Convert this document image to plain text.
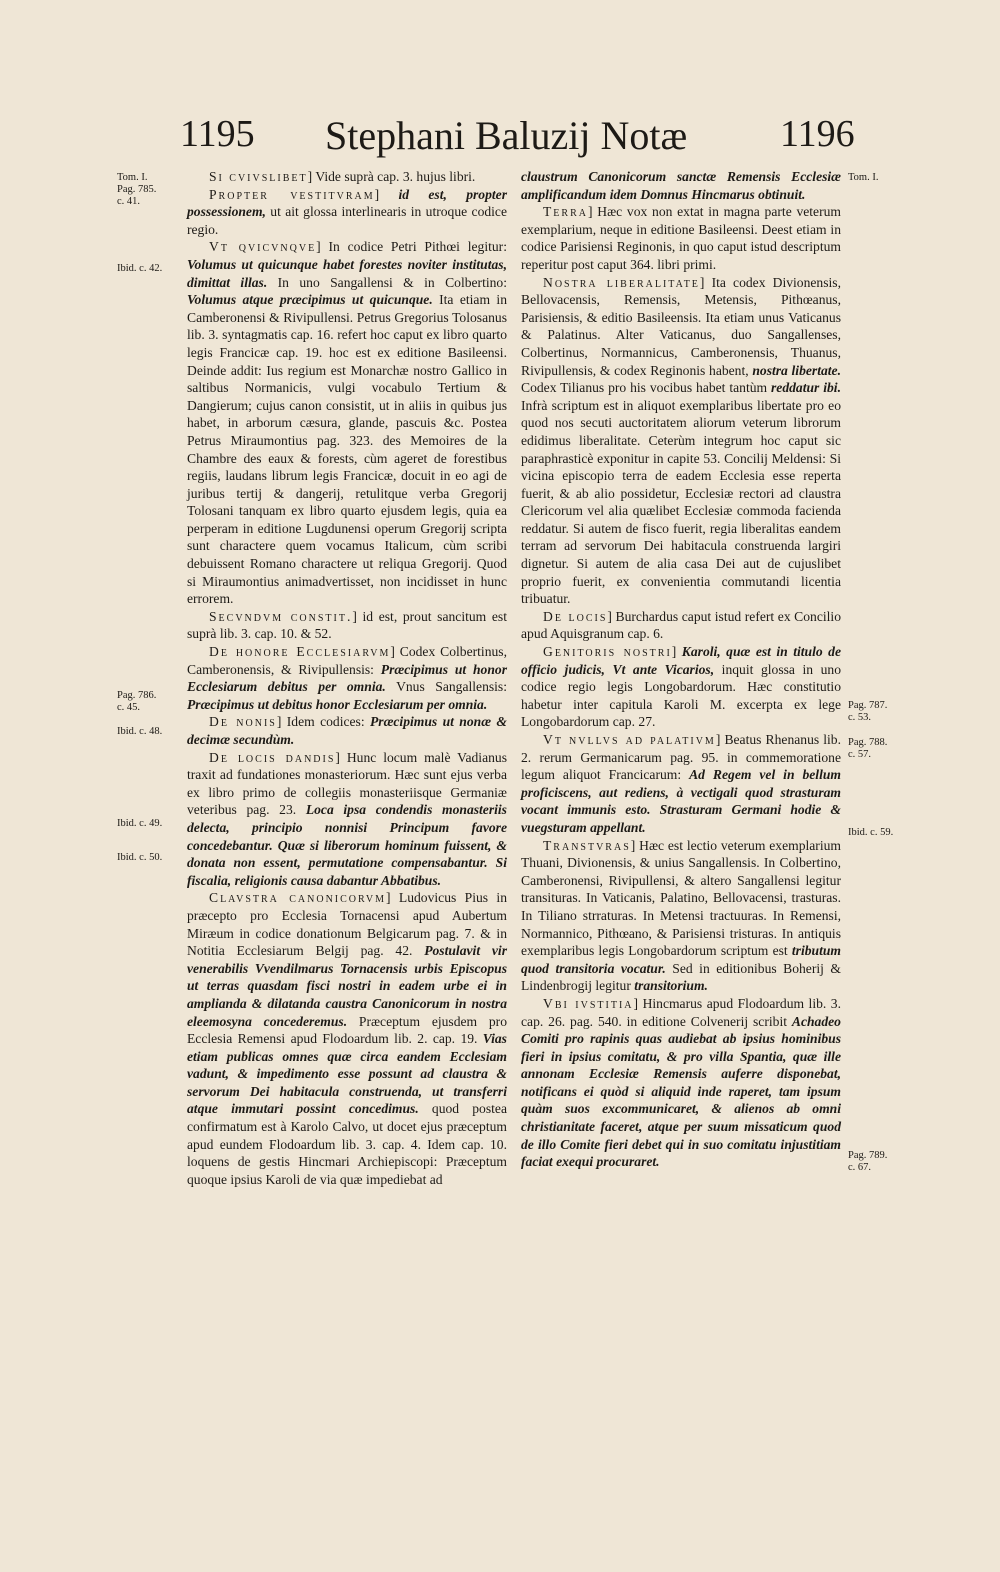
1195 Stephani Baluzij Notæ 1196
Tom. I.
Pag. 785.
c. 41.
Ibid. c. 42.
Pag. 786.
c. 45.
Ibid. c. 48.
Ibid. c. 49.
Ibid. c. 50.
Tom. I.
Pag. 787.
c. 53.
Pag. 788.
c. 57.
Ibid. c. 59.
Pag. 789.
c. 67.

Si cvivslibet] Vide suprà cap. 3. hujus libri.

Propter vestitvram] id est, propter possessionem, ut ait glossa interlinearis in utroque codice regio.

Vt qvicvnqve] In codice Petri Pithœi legitur: Volumus ut quicunque habet forestes noviter institutas, dimittat illas. In uno Sangallensi & in Colbertino: Volumus atque præcipimus ut quicunque. Ita etiam in Camberonensi & Rivipullensi. Petrus Gregorius Tolosanus lib. 3. syntagmatis cap. 16. refert hoc caput ex libro quarto legis Francicæ cap. 19. hoc est ex editione Basileensi. Deinde addit: Ius regium est Monarchæ nostro Gallico in saltibus Normanicis, vulgi vocabulo Tertium & Dangierum; cujus canon consistit, ut in aliis in quibus jus habet, in arborum cæsura, glande, pascuis &c. Postea Petrus Miraumontius pag. 323. des Memoires de la Chambre des eaux & forests, cùm ageret de forestibus regiis, laudans librum legis Francicæ, docuit in eo agi de juribus tertij & dangerij, retulitque verba Gregorij Tolosani tanquam ex libro quarto ejusdem legis, quia ea perperam in editione Lugdunensi operum Gregorij scripta sunt charactere quem vocamus Italicum, cùm scribi debuissent Romano charactere ut reliqua Gregorij. Quod si Miraumontius animadvertisset, non incidisset in hunc errorem.

Secvndvm constit.] id est, prout sancitum est suprà lib. 3. cap. 10. & 52.

De honore Ecclesiarvm] Codex Colbertinus, Camberonensis, & Rivipullensis: Præcipimus ut honor Ecclesiarum debitus per omnia. Vnus Sangallensis: Præcipimus ut debitus honor Ecclesiarum per omnia.

De nonis] Idem codices: Præcipimus ut nonæ & decimæ secundùm.

De locis dandis] Hunc locum malè Vadianus traxit ad fundationes monasteriorum. Hæc sunt ejus verba ex libro primo de collegiis monasteriisque Germaniæ veteribus pag. 23. Loca ipsa condendis monasteriis delecta, principio nonnisi Principum favore concedebantur. Quæ si liberorum hominum fuissent, & donata non essent, permutatione compensabantur. Si fiscalia, religionis causa dabantur Abbatibus.

Clavstra canonicorvm] Ludovicus Pius in præcepto pro Ecclesia Tornacensi apud Aubertum Miræum in codice donationum Belgicarum pag. 7. & in Notitia Ecclesiarum Belgij pag. 42. Postulavit vir venerabilis Vvendilmarus Tornacensis urbis Episcopus ut terras quasdam fisci nostri in eadem urbe ei in amplianda & dilatanda caustra Canonicorum in nostra eleemosyna concederemus. Præceptum ejusdem pro Ecclesia Remensi apud Flodoardum lib. 2. cap. 19. Vias etiam publicas omnes quæ circa eandem Ecclesiam vadunt, & impedimento esse possunt ad claustra & servorum Dei habitacula construenda, ut transferri atque immutari possint concedimus. quod postea confirmatum est à Karolo Calvo, ut docet ejus præceptum apud eundem Flodoardum lib. 3. cap. 4. Idem cap. 10. loquens de gestis Hincmari Archiepiscopi: Præceptum quoque ipsius Karoli de via quæ impediebat ad

claustrum Canonicorum sanctæ Remensis Ecclesiæ amplificandum idem Domnus Hincmarus obtinuit.

Terra] Hæc vox non extat in magna parte veterum exemplarium, neque in editione Basileensi. Deest etiam in codice Parisiensi Reginonis, in quo caput istud descriptum reperitur post caput 364. libri primi.

Nostra liberalitate] Ita codex Divionensis, Bellovacensis, Remensis, Metensis, Pithœanus, Parisiensis, & editio Basileensis. Ita etiam unus Vaticanus & Palatinus. Alter Vaticanus, duo Sangallenses, Colbertinus, Normannicus, Camberonensis, Thuanus, Rivipullensis, & codex Reginonis habent, nostra libertate. Codex Tilianus pro his vocibus habet tantùm reddatur ibi. Infrà scriptum est in aliquot exemplaribus libertate pro eo quod nos secuti auctoritatem aliorum veterum librorum edidimus liberalitate. Ceterùm integrum hoc caput sic paraphrasticè exponitur in capite 53. Concilij Meldensi: Si vicina episcopio terra de eadem Ecclesia esse reperta fuerit, & ab alio possidetur, Ecclesiæ rectori ad claustra Clericorum vel alia quælibet Ecclesiæ commoda facienda reddatur. Si autem de fisco fuerit, regia liberalitas eandem terram ad servorum Dei habitacula construenda largiri dignetur. Si autem de alia casa Dei aut de cujuslibet proprio fuerit, ex convenientia commutandi licentia tribuatur.

De locis] Burchardus caput istud refert ex Concilio apud Aquisgranum cap. 6.

Genitoris nostri] Karoli, quæ est in titulo de officio judicis, Vt ante Vicarios, inquit glossa in uno codice regio legis Longobardorum. Hæc constitutio habetur inter capitula Karoli M. excerpta ex lege Longobardorum cap. 27.

Vt nvllvs ad palativm] Beatus Rhenanus lib. 2. rerum Germanicarum pag. 95. in commemoratione legum aliquot Francicarum: Ad Regem vel in bellum proficiscens, aut rediens, à vectigali quod strasturam vocant immunis esto. Strasturam Germani hodie & vuegsturam appellant.

Transtvras] Hæc est lectio veterum exemplarium Thuani, Divionensis, & unius Sangallensis. In Colbertino, Camberonensi, Rivipullensi, & altero Sangallensi legitur transituras. In Vaticanis, Palatino, Bellovacensi, trasturas. In Tiliano strraturas. In Metensi tractuuras. In Remensi, Normannico, Pithœano, & Parisiensi tristuras. In antiquis exemplaribus legis Longobardorum scriptum est tributum quod transitoria vocatur. Sed in editionibus Boherij & Lindenbrogij legitur transitorium.

Vbi ivstitia] Hincmarus apud Flodoardum lib. 3. cap. 26. pag. 540. in editione Colvenerij scribit Achadeo Comiti pro rapinis quas audiebat ab ipsius hominibus fieri in ipsius comitatu, & pro villa Spantia, quæ ille annonam Ecclesiæ Remensis auferre disponebat, notificans ei quòd si aliquid inde raperet, tam ipsum quàm suos excommunicaret, & alienos ab omni christianitate faceret, atque per suum missaticum quod de illo Comite fieri debet qui in suo comitatu injustitiam faciat exequi procuraret.
